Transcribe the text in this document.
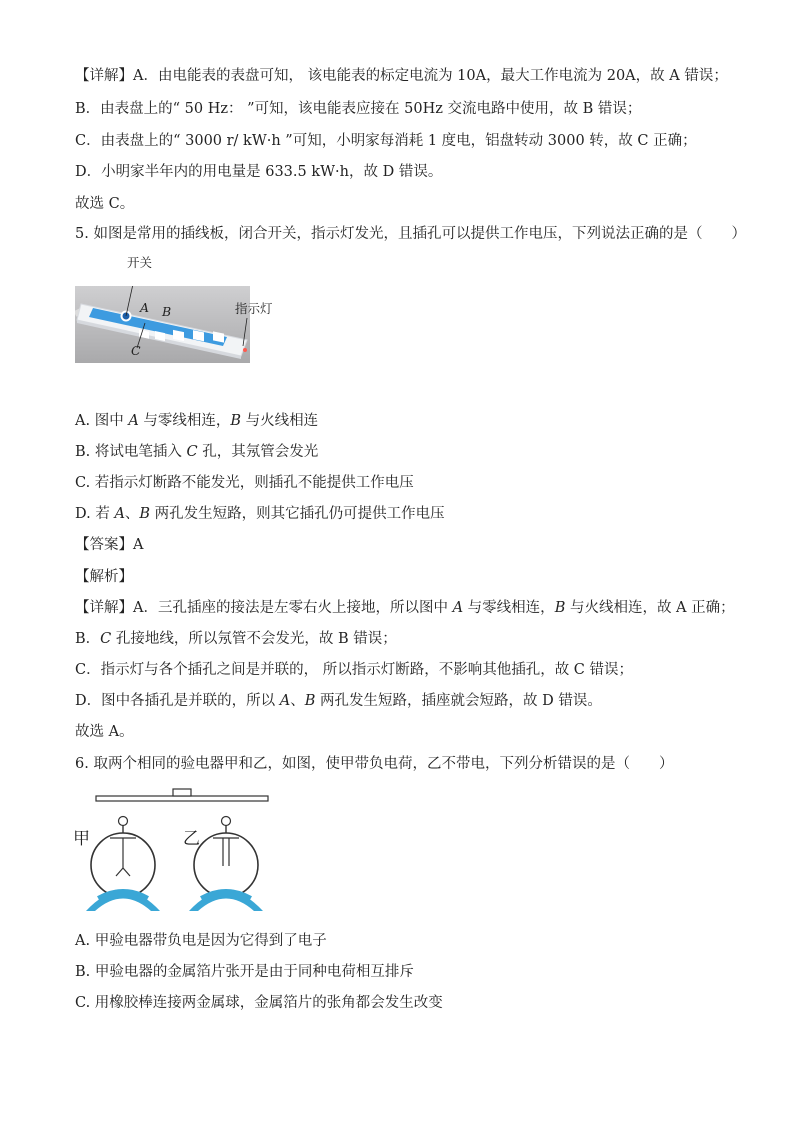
【详解】A．由电能表的表盘可知， 该电能表的标定电流为 10A，最大工作电流为 20A，故 A 错误；
B．由表盘上的“ 50 Hz： ”可知，该电能表应接在 50Hz 交流电路中使用，故 B 错误；
C．由表盘上的“ 3000 r/ kW·h ”可知，小明家每消耗 1 度电，铝盘转动 3000 转，故 C 正确；
D．小明家半年内的用电量是 633.5 kW·h，故 D 错误。
故选 C。
5. 如图是常用的插线板，闭合开关，指示灯发光，且插孔可以提供工作电压，下列说法正确的是（　　）
开关
指示灯
A B
C
A. 图中 A 与零线相连，B 与火线相连
B. 将试电笔插入 C 孔，其氖管会发光
C. 若指示灯断路不能发光，则插孔不能提供工作电压
D. 若 A、B 两孔发生短路，则其它插孔仍可提供工作电压
【答案】A
【解析】
【详解】A．三孔插座的接法是左零右火上接地，所以图中 A 与零线相连，B 与火线相连，故 A 正确；
B．C 孔接地线，所以氖管不会发光，故 B 错误；
C．指示灯与各个插孔之间是并联的， 所以指示灯断路，不影响其他插孔，故 C 错误；
D．图中各插孔是并联的，所以 A、B 两孔发生短路，插座就会短路，故 D 错误。
故选 A。
6. 取两个相同的验电器甲和乙，如图，使甲带负电荷，乙不带电，下列分析错误的是（　　）
甲	乙
A. 甲验电器带负电是因为它得到了电子
B. 甲验电器的金属箔片张开是由于同种电荷相互排斥
C. 用橡胶棒连接两金属球，金属箔片的张角都会发生改变
